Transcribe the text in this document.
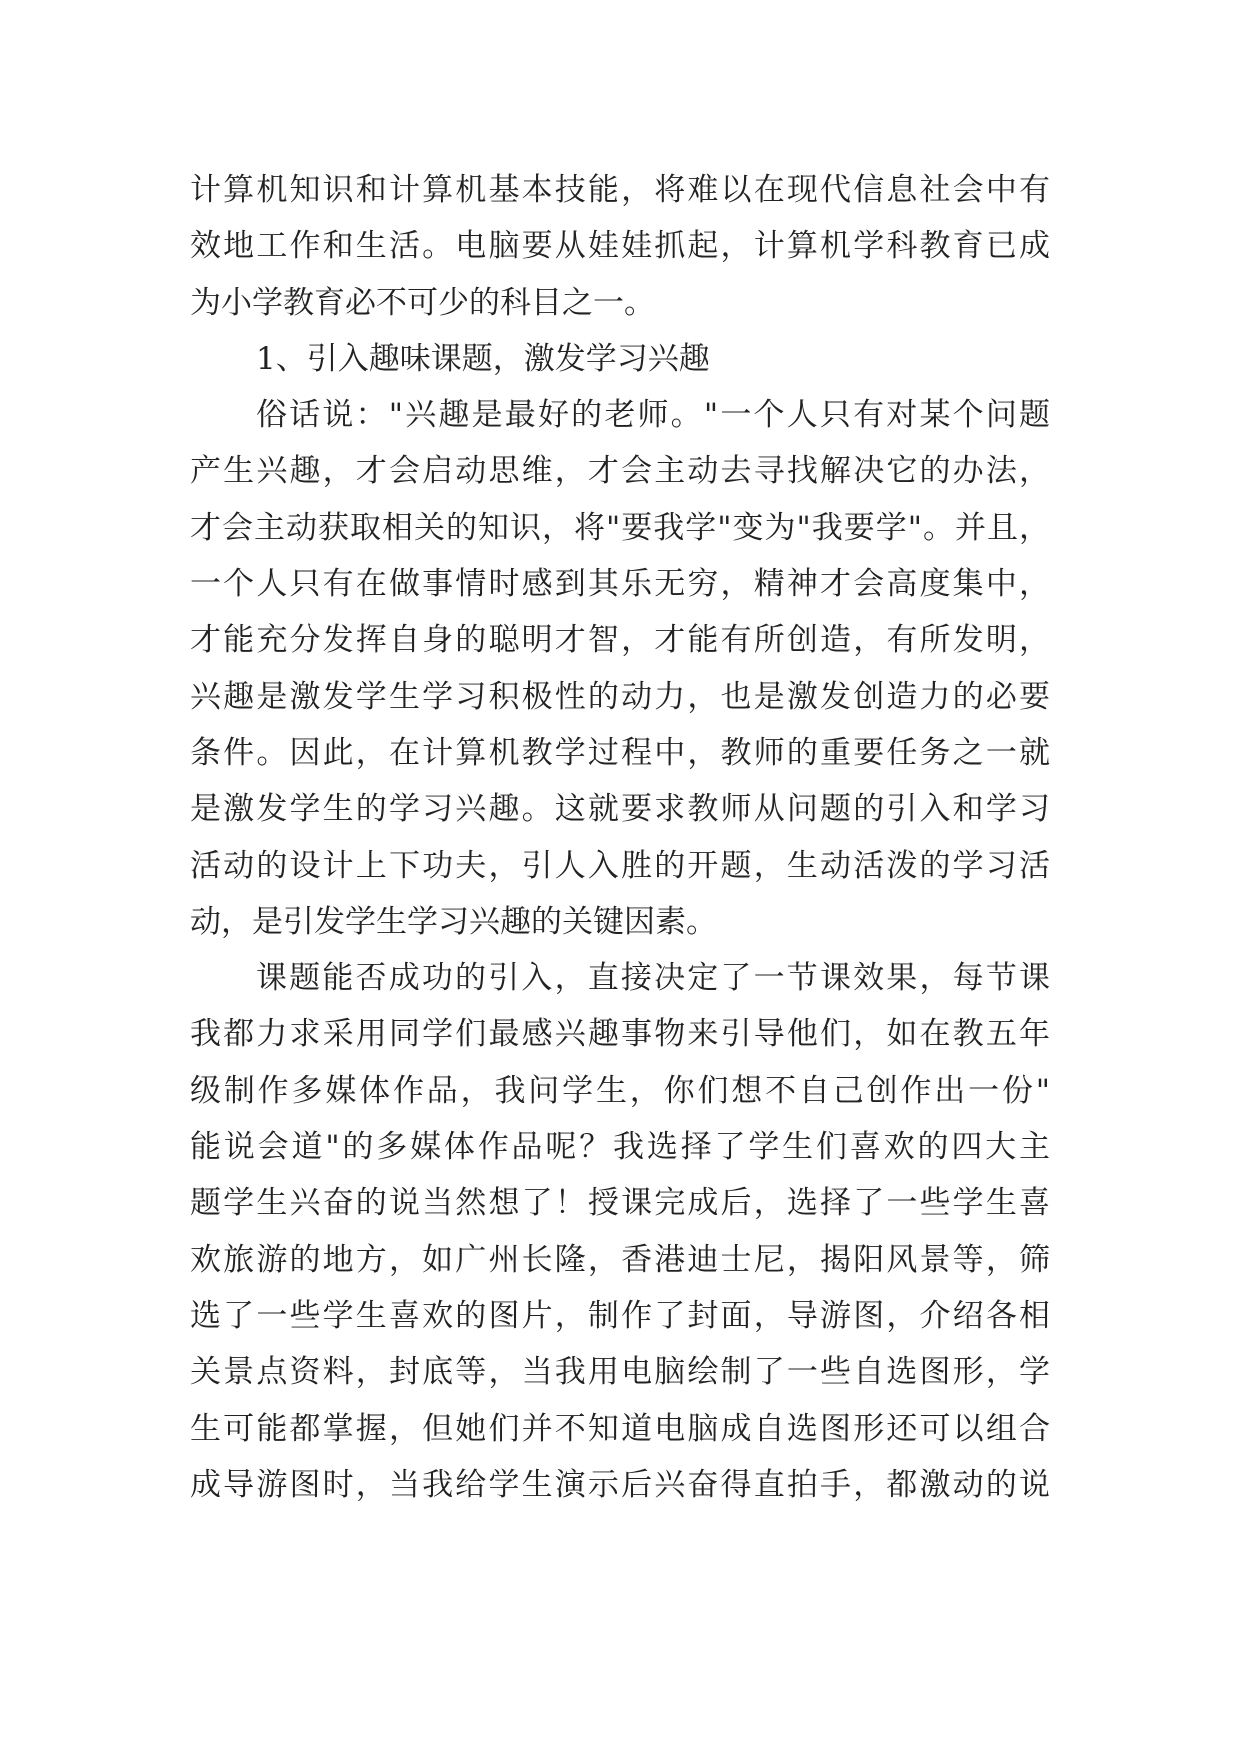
计算机知识和计算机基本技能，将难以在现代信息社会中有
效地工作和生活。电脑要从娃娃抓起，计算机学科教育已成
为小学教育必不可少的科目之一。
1、引入趣味课题，激发学习兴趣
俗话说："兴趣是最好的老师。"一个人只有对某个问题
产生兴趣，才会启动思维，才会主动去寻找解决它的办法，
才会主动获取相关的知识，将"要我学"变为"我要学"。并且，
一个人只有在做事情时感到其乐无穷，精神才会高度集中，
才能充分发挥自身的聪明才智，才能有所创造，有所发明，
兴趣是激发学生学习积极性的动力，也是激发创造力的必要
条件。因此，在计算机教学过程中，教师的重要任务之一就
是激发学生的学习兴趣。这就要求教师从问题的引入和学习
活动的设计上下功夫，引人入胜的开题，生动活泼的学习活
动，是引发学生学习兴趣的关键因素。
课题能否成功的引入，直接决定了一节课效果，每节课
我都力求采用同学们最感兴趣事物来引导他们，如在教五年
级制作多媒体作品，我问学生，你们想不自己创作出一份"
能说会道"的多媒体作品呢？我选择了学生们喜欢的四大主
题学生兴奋的说当然想了！授课完成后，选择了一些学生喜
欢旅游的地方，如广州长隆，香港迪士尼，揭阳风景等，筛
选了一些学生喜欢的图片，制作了封面，导游图，介绍各相
关景点资料，封底等，当我用电脑绘制了一些自选图形，学
生可能都掌握，但她们并不知道电脑成自选图形还可以组合
成导游图时，当我给学生演示后兴奋得直拍手，都激动的说
